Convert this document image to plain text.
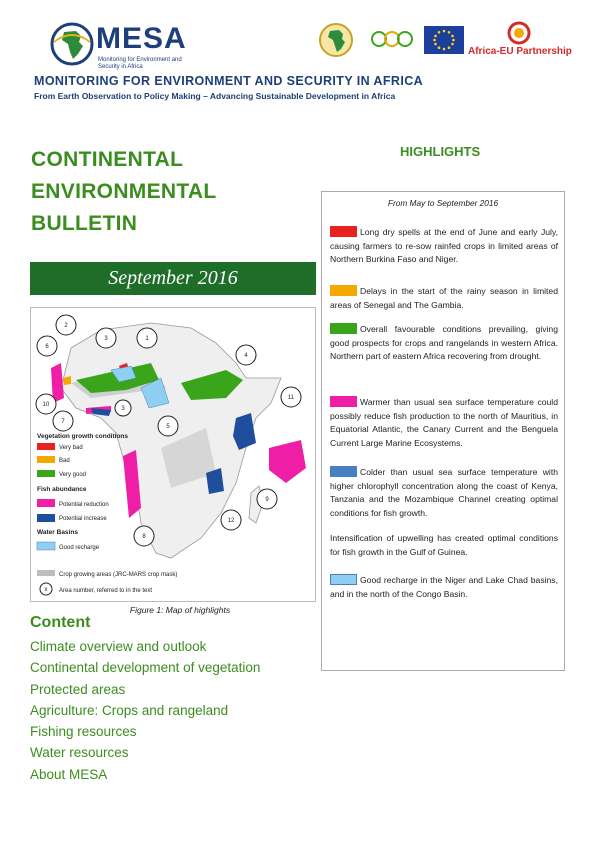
MESA
Monitoring for Environment and Security in Africa
Africa-EU Partnership
MONITORING FOR ENVIRONMENT AND SECURITY IN AFRICA
From Earth Observation to Policy Making – Advancing Sustainable Development in Africa
CONTINENTAL
ENVIRONMENTAL
BULLETIN
September 2016
1
2
3
4
5
6
7
8
9
10
11
12
3
Vegetation growth conditions
Very bad
Bad
Very good
Fish abundance
Potential reduction
Potential increase
Water Basins
Good recharge
Crop growing areas (JRC-MARS crop mask)
x Area number, referred to in the text
Figure 1: Map of highlights
Content
Climate overview and outlook
Continental development of vegetation
Protected areas
Agriculture: Crops and rangeland
Fishing resources
Water resources
About MESA
HIGHLIGHTS
From May to September 2016
Long dry spells at the end of June and early July, causing farmers to re-sow rainfed crops in limited areas of Northern Burkina Faso and Niger.
Delays in the start of the rainy season in limited areas of Senegal and The Gambia.
Overall favourable conditions prevailing, giving good prospects for crops and rangelands in western Africa. Northern part of eastern Africa recovering from drought.
Warmer than usual sea surface temperature could possibly reduce fish production to the north of Mauritius, in Equatorial Atlantic, the Canary Current and the Benguela Current Large Marine Ecosystems.
Colder than usual sea surface temperature with higher chlorophyll concentration along the coast of Kenya, Tanzania and the Mozambique Channel creating optimal conditions for fish growth.
Intensification of upwelling has created optimal conditions for fish growth in the Gulf of Guinea.
Good recharge in the Niger and Lake Chad basins, and in the north of the Congo Basin.
